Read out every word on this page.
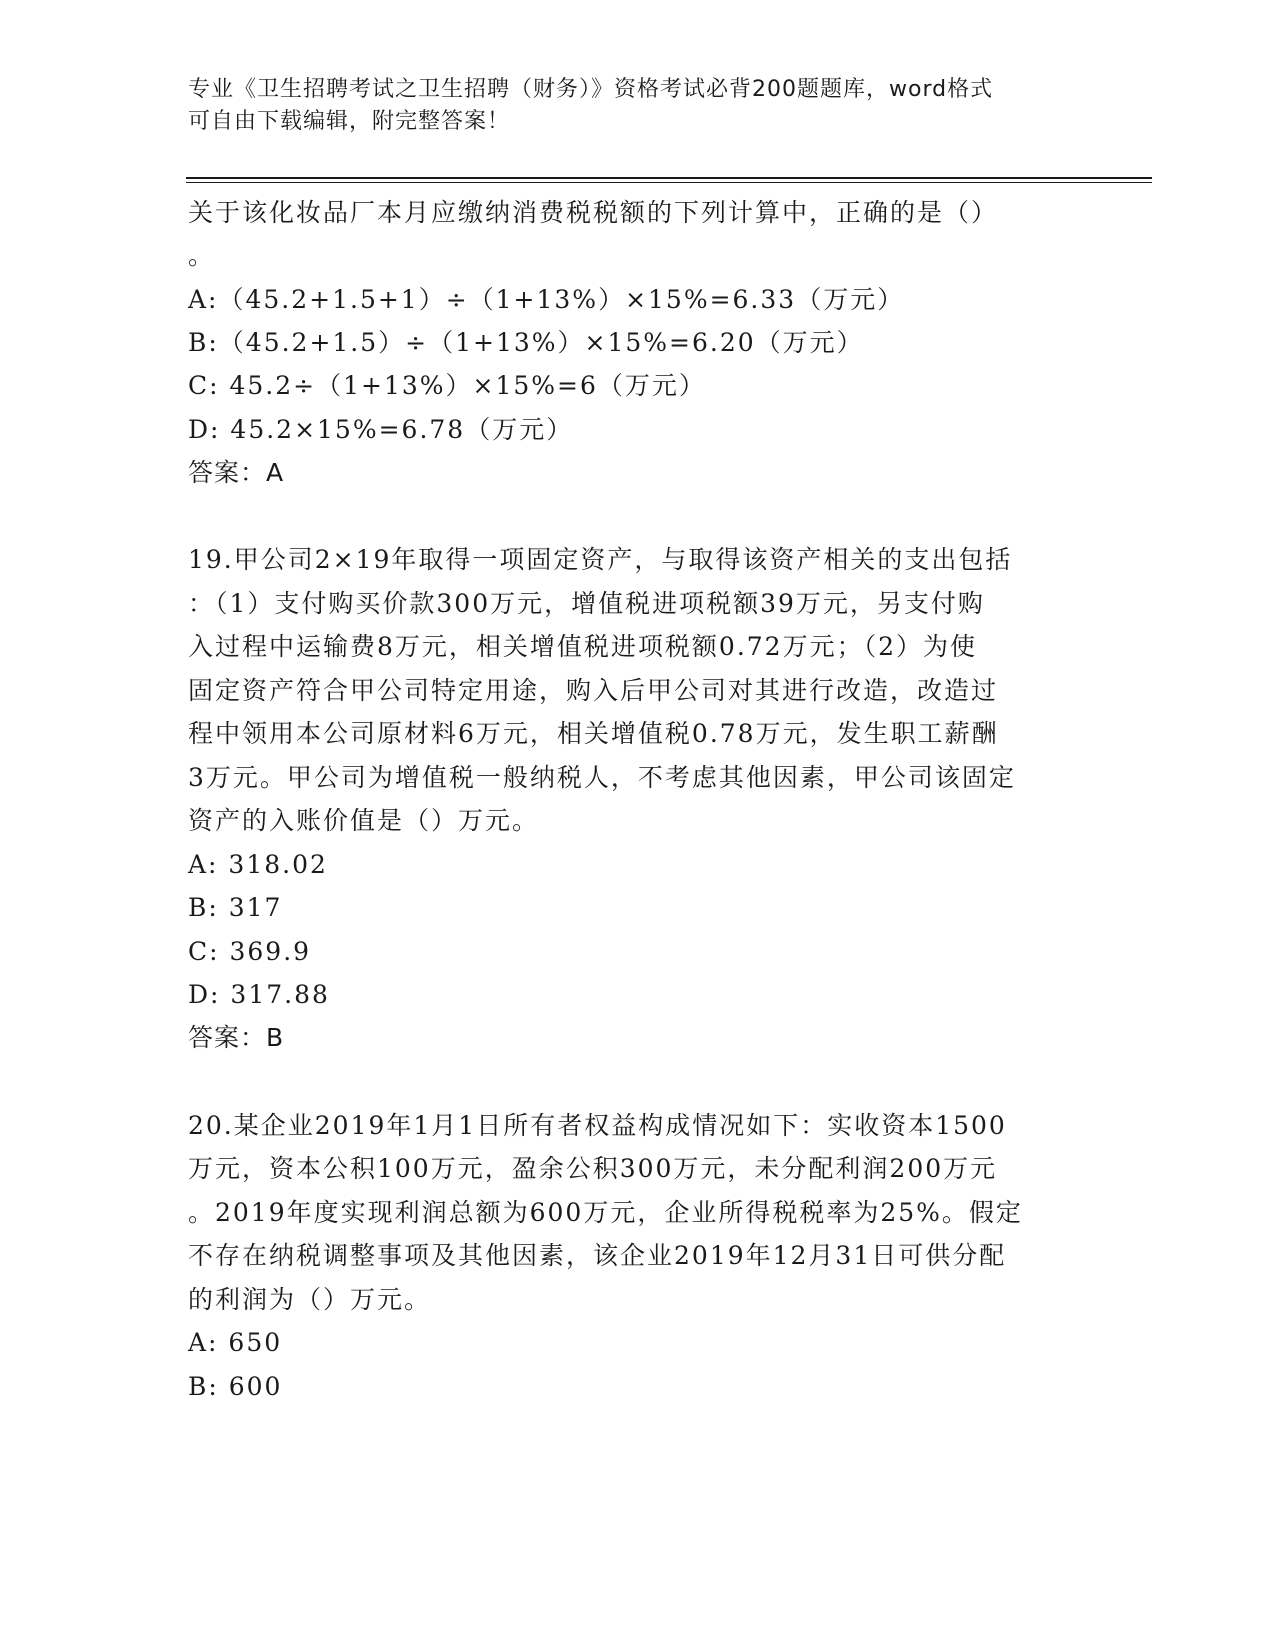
专业《卫生招聘考试之卫生招聘（财务）》资格考试必背200题题库，word格式
可自由下载编辑，附完整答案！
关于该化妆品厂本月应缴纳消费税税额的下列计算中，正确的是（）
。
A:（45.2+1.5+1）÷（1+13%）×15%=6.33（万元）
B:（45.2+1.5）÷（1+13%）×15%=6.20（万元）
C: 45.2÷（1+13%）×15%=6（万元）
D: 45.2×15%=6.78（万元）
答案：A
19.甲公司2×19年取得一项固定资产，与取得该资产相关的支出包括
：（1）支付购买价款300万元，增值税进项税额39万元，另支付购
入过程中运输费8万元，相关增值税进项税额0.72万元；（2）为使
固定资产符合甲公司特定用途，购入后甲公司对其进行改造，改造过
程中领用本公司原材料6万元，相关增值税0.78万元，发生职工薪酬
3万元。甲公司为增值税一般纳税人，不考虑其他因素，甲公司该固定
资产的入账价值是（）万元。
A: 318.02
B: 317
C: 369.9
D: 317.88
答案：B
20.某企业2019年1月1日所有者权益构成情况如下：实收资本1500
万元，资本公积100万元，盈余公积300万元，未分配利润200万元
。2019年度实现利润总额为600万元，企业所得税税率为25%。假定
不存在纳税调整事项及其他因素，该企业2019年12月31日可供分配
的利润为（）万元。
A: 650
B: 600
